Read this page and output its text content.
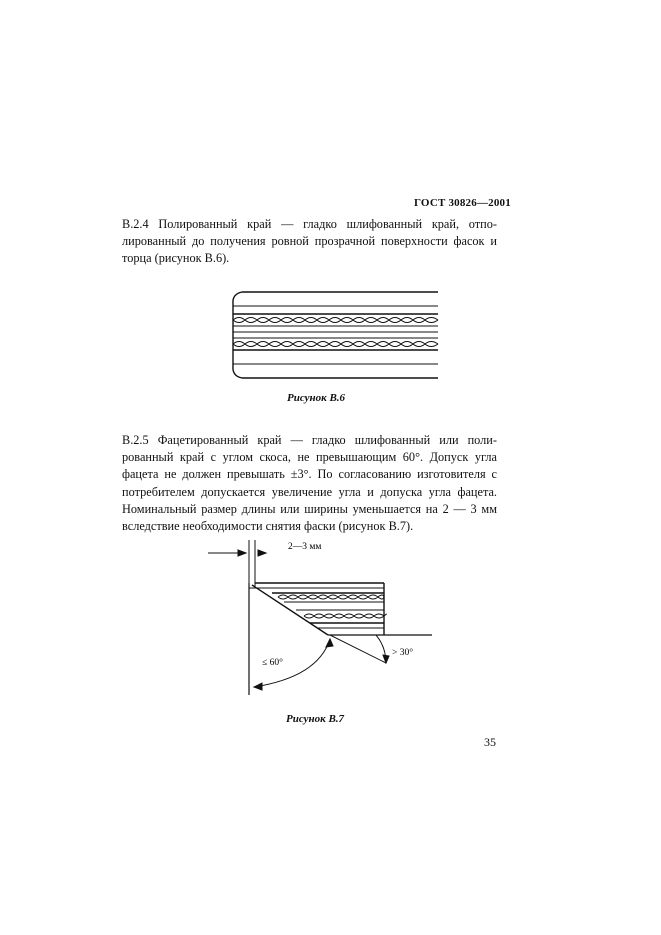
ГОСТ 30826—2001
В.2.4 Полированный край — гладко шлифованный край, отпо-
лированный до получения ровной прозрачной поверхности фасок и
торца (рисунок В.6).
Рисунок В.6
В.2.5 Фацетированный край — гладко шлифованный или поли-
рованный край с углом скоса, не превышающим 60°. Допуск угла
фацета не должен превышать ±3°. По согласованию изготовителя с
потребителем допускается увеличение угла и допуска угла фацета.
Номинальный размер длины или ширины уменьшается на 2 — 3 мм
вследствие необходимости снятия фаски (рисунок В.7).
2—3 мм
≤ 60°
> 30°
Рисунок В.7
35
